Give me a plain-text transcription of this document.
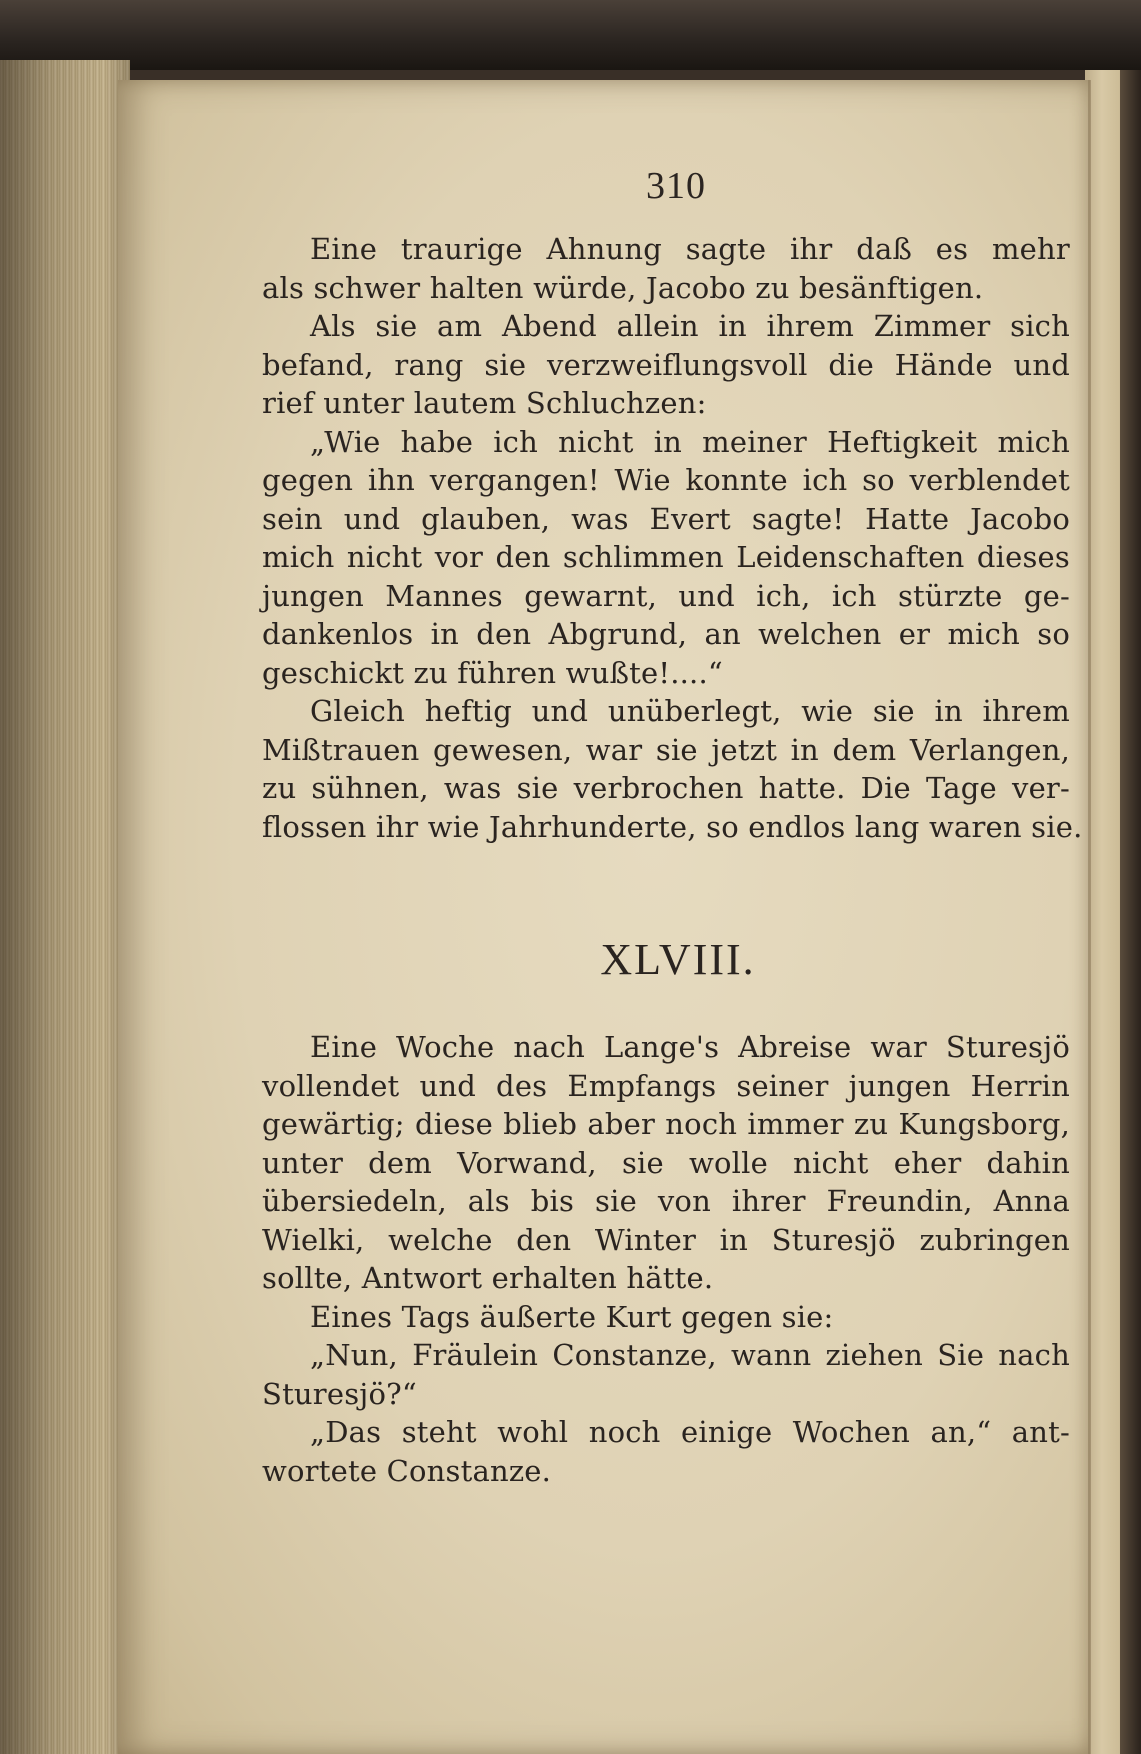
310
Eine traurige Ahnung sagte ihr daß es mehr
als schwer halten würde, Jacobo zu besänftigen.
Als sie am Abend allein in ihrem Zimmer sich
befand, rang sie verzweiflungsvoll die Hände und
rief unter lautem Schluchzen:
„Wie habe ich nicht in meiner Heftigkeit mich
gegen ihn vergangen! Wie konnte ich so verblendet
sein und glauben, was Evert sagte! Hatte Jacobo
mich nicht vor den schlimmen Leidenschaften dieses
jungen Mannes gewarnt, und ich, ich stürzte ge-
dankenlos in den Abgrund, an welchen er mich so
geschickt zu führen wußte!....“
Gleich heftig und unüberlegt, wie sie in ihrem
Mißtrauen gewesen, war sie jetzt in dem Verlangen,
zu sühnen, was sie verbrochen hatte. Die Tage ver-
flossen ihr wie Jahrhunderte, so endlos lang waren sie.
XLVIII.
Eine Woche nach Lange's Abreise war Sturesjö
vollendet und des Empfangs seiner jungen Herrin
gewärtig; diese blieb aber noch immer zu Kungsborg,
unter dem Vorwand, sie wolle nicht eher dahin
übersiedeln, als bis sie von ihrer Freundin, Anna
Wielki, welche den Winter in Sturesjö zubringen
sollte, Antwort erhalten hätte.
Eines Tags äußerte Kurt gegen sie:
„Nun, Fräulein Constanze, wann ziehen Sie nach
Sturesjö?“
„Das steht wohl noch einige Wochen an,“ ant-
wortete Constanze.
